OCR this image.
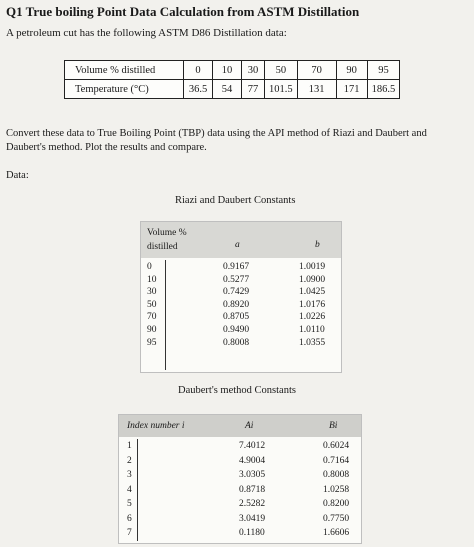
Q1 True boiling Point Data Calculation from ASTM Distillation
A petroleum cut has the following ASTM D86 Distillation data:
Volume % distilled	0	10	30	50	70	90	95
Temperature (°C)	36.5	54	77	101.5	131	171	186.5
Convert these data to True Boiling Point (TBP) data using the API method of Riazi and Daubert and Daubert's method. Plot the results and compare.
Data:
Riazi and Daubert Constants
Volume %
distilled	a	b
0	0.9167	1.0019
10	0.5277	1.0900
30	0.7429	1.0425
50	0.8920	1.0176
70	0.8705	1.0226
90	0.9490	1.0110
95	0.8008	1.0355
Daubert's method Constants
Index number i	Ai	Bi
1	7.4012	0.6024
2	4.9004	0.7164
3	3.0305	0.8008
4	0.8718	1.0258
5	2.5282	0.8200
6	3.0419	0.7750
7	0.1180	1.6606
